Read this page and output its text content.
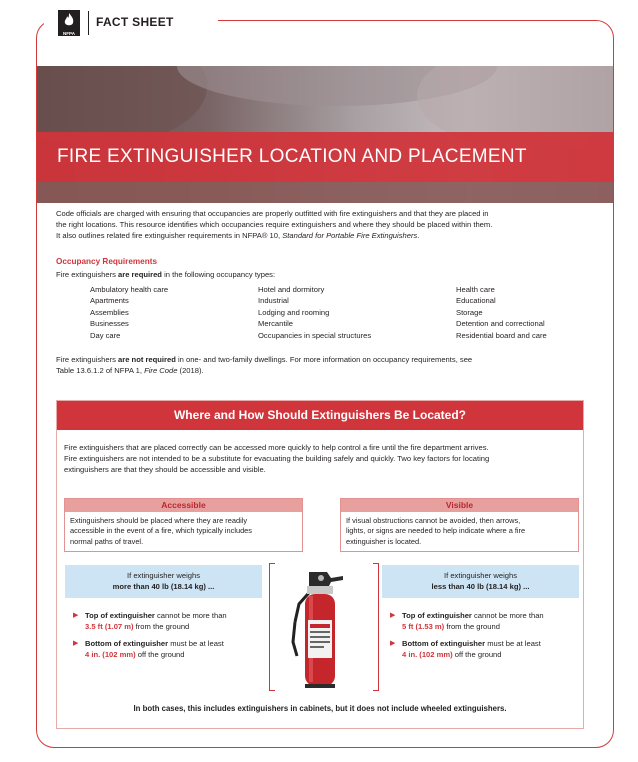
NFPA
FACT SHEET
FIRE EXTINGUISHER LOCATION AND PLACEMENT
Code officials are charged with ensuring that occupancies are properly outfitted with fire extinguishers and that they are placed in
the right locations. This resource identifies which occupancies require extinguishers and where they should be placed within them.
It also outlines related fire extinguisher requirements in NFPA® 10, Standard for Portable Fire Extinguishers.
Occupancy Requirements
Fire extinguishers are required in the following occupancy types:
Ambulatory health care
Apartments
Assemblies
Businesses
Day care
Hotel and dormitory
Industrial
Lodging and rooming
Mercantile
Occupancies in special structures
Health care
Educational
Storage
Detention and correctional
Residential board and care
Fire extinguishers are not required in one- and two-family dwellings. For more information on occupancy requirements, see
Table 13.6.1.2 of NFPA 1, Fire Code (2018).
Where and How Should Extinguishers Be Located?
Fire extinguishers that are placed correctly can be accessed more quickly to help control a fire until the fire department arrives.
Fire extinguishers are not intended to be a substitute for evacuating the building safely and quickly. Two key factors for locating
extinguishers are that they should be accessible and visible.
Accessible
Extinguishers should be placed where they are readily
accessible in the event of a fire, which typically includes
normal paths of travel.
Visible
If visual obstructions cannot be avoided, then arrows,
lights, or signs are needed to help indicate where a fire
extinguisher is located.
If extinguisher weighs
more than 40 lb (18.14 kg) ...
▶ Top of extinguisher cannot be more than
3.5 ft (1.07 m) from the ground
▶ Bottom of extinguisher must be at least
4 in. (102 mm) off the ground
If extinguisher weighs
less than 40 lb (18.14 kg) ...
▶ Top of extinguisher cannot be more than
5 ft (1.53 m) from the ground
▶ Bottom of extinguisher must be at least
4 in. (102 mm) off the ground
In both cases, this includes extinguishers in cabinets, but it does not include wheeled extinguishers.
